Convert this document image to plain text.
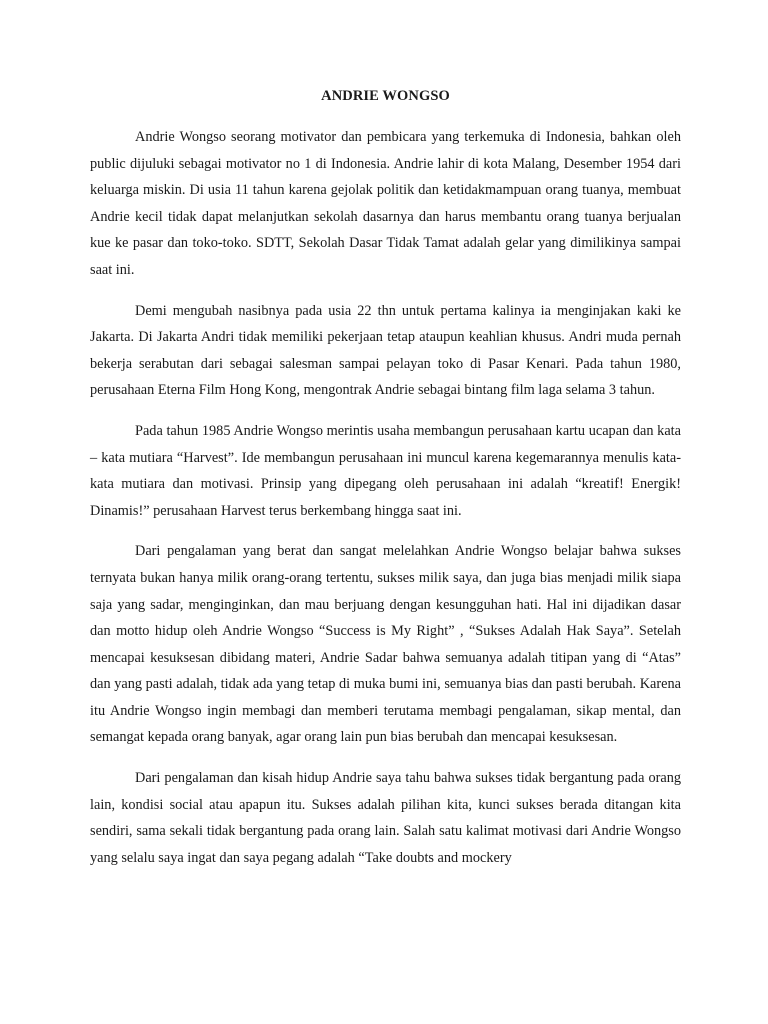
ANDRIE WONGSO

Andrie Wongso seorang motivator dan pembicara yang terkemuka di Indonesia, bahkan oleh public dijuluki sebagai motivator no 1 di Indonesia. Andrie lahir di kota Malang, Desember 1954 dari keluarga miskin. Di usia 11 tahun karena gejolak politik dan ketidakmampuan orang tuanya, membuat Andrie kecil tidak dapat melanjutkan sekolah dasarnya dan harus membantu orang tuanya berjualan kue ke pasar dan toko-toko. SDTT, Sekolah Dasar Tidak Tamat adalah gelar yang dimilikinya sampai saat ini.

Demi mengubah nasibnya pada usia 22 thn untuk pertama kalinya ia menginjakan kaki ke Jakarta. Di Jakarta Andri tidak memiliki pekerjaan tetap ataupun keahlian khusus. Andri muda pernah bekerja serabutan dari sebagai salesman sampai pelayan toko di Pasar Kenari. Pada tahun 1980, perusahaan Eterna Film Hong Kong, mengontrak Andrie sebagai bintang film laga selama 3 tahun.

Pada tahun 1985 Andrie Wongso merintis usaha membangun perusahaan kartu ucapan dan kata – kata mutiara “Harvest”. Ide membangun perusahaan ini muncul karena kegemarannya menulis kata-kata mutiara dan motivasi. Prinsip yang dipegang oleh perusahaan ini adalah “kreatif! Energik! Dinamis!” perusahaan Harvest terus berkembang hingga saat ini.

Dari pengalaman yang berat dan sangat melelahkan Andrie Wongso belajar bahwa sukses ternyata bukan hanya milik orang-orang tertentu, sukses milik saya, dan juga bias menjadi milik siapa saja yang sadar, menginginkan, dan mau berjuang dengan kesungguhan hati. Hal ini dijadikan dasar dan motto hidup oleh Andrie Wongso “Success is My Right” , “Sukses Adalah Hak Saya”. Setelah mencapai kesuksesan dibidang materi, Andrie Sadar bahwa semuanya adalah titipan yang di “Atas” dan yang pasti adalah, tidak ada yang tetap di muka bumi ini, semuanya bias dan pasti berubah. Karena itu Andrie Wongso ingin membagi dan memberi terutama membagi pengalaman, sikap mental, dan semangat kepada orang banyak, agar orang lain pun bias berubah dan mencapai kesuksesan.

Dari pengalaman dan kisah hidup Andrie saya tahu bahwa sukses tidak bergantung pada orang lain, kondisi social atau apapun itu. Sukses adalah pilihan kita, kunci sukses berada ditangan kita sendiri, sama sekali tidak bergantung pada orang lain. Salah satu kalimat motivasi dari Andrie Wongso yang selalu saya ingat dan saya pegang adalah “Take doubts and mockery
